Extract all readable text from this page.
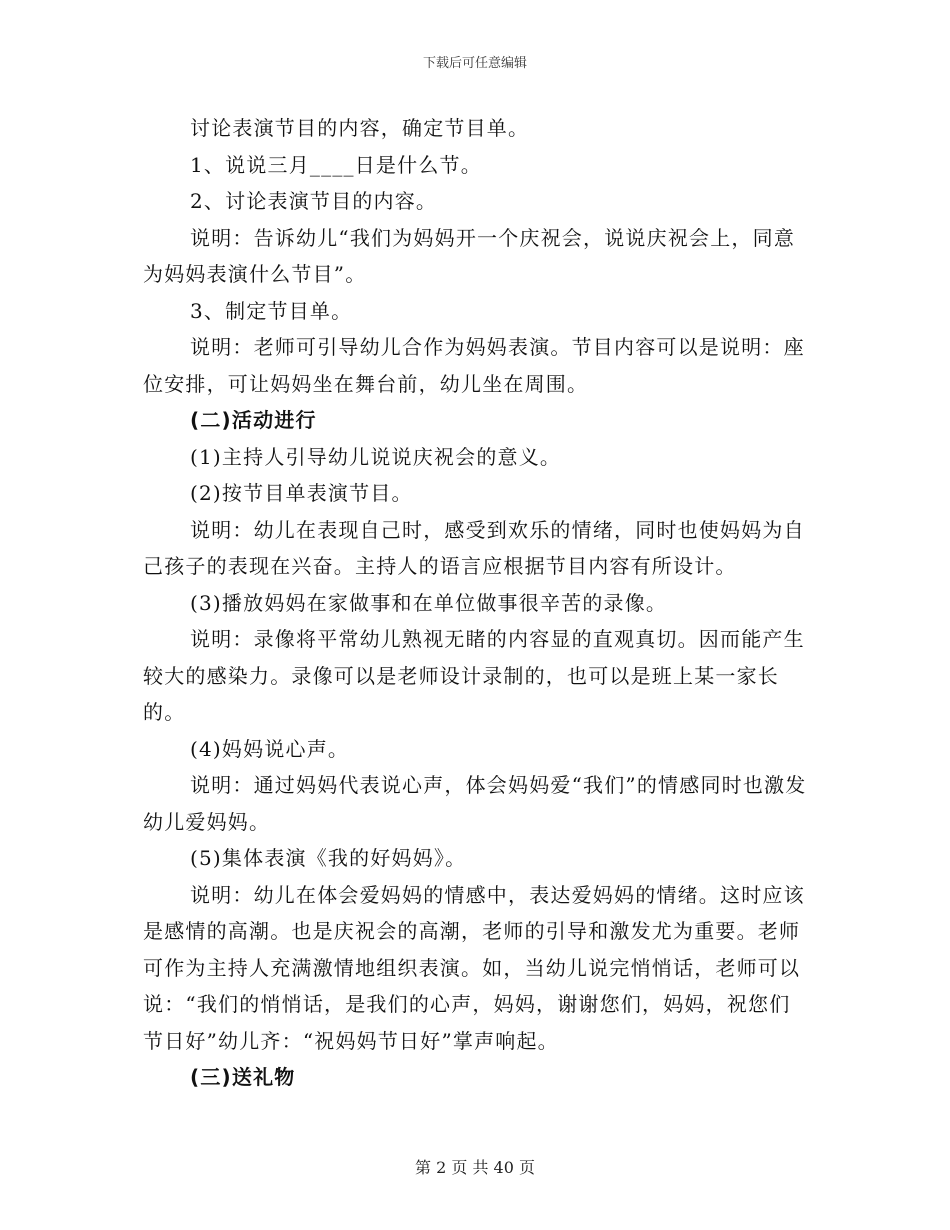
下载后可任意编辑

讨论表演节目的内容，确定节目单。

1、说说三月____日是什么节。

2、讨论表演节目的内容。

说明：告诉幼儿“我们为妈妈开一个庆祝会，说说庆祝会上，同意为妈妈表演什么节目”。

3、制定节目单。

说明：老师可引导幼儿合作为妈妈表演。节目内容可以是说明：座位安排，可让妈妈坐在舞台前，幼儿坐在周围。

(二)活动进行

(1)主持人引导幼儿说说庆祝会的意义。

(2)按节目单表演节目。

说明：幼儿在表现自己时，感受到欢乐的情绪，同时也使妈妈为自己孩子的表现在兴奋。主持人的语言应根据节目内容有所设计。

(3)播放妈妈在家做事和在单位做事很辛苦的录像。

说明：录像将平常幼儿熟视无睹的内容显的直观真切。因而能产生较大的感染力。录像可以是老师设计录制的，也可以是班上某一家长的。

(4)妈妈说心声。

说明：通过妈妈代表说心声，体会妈妈爱“我们”的情感同时也激发幼儿爱妈妈。

(5)集体表演《我的好妈妈》。

说明：幼儿在体会爱妈妈的情感中，表达爱妈妈的情绪。这时应该是感情的高潮。也是庆祝会的高潮，老师的引导和激发尤为重要。老师可作为主持人充满激情地组织表演。如，当幼儿说完悄悄话，老师可以说：“我们的悄悄话，是我们的心声，妈妈，谢谢您们，妈妈，祝您们节日好”幼儿齐：“祝妈妈节日好”掌声响起。

(三)送礼物

第 2 页 共 40 页
